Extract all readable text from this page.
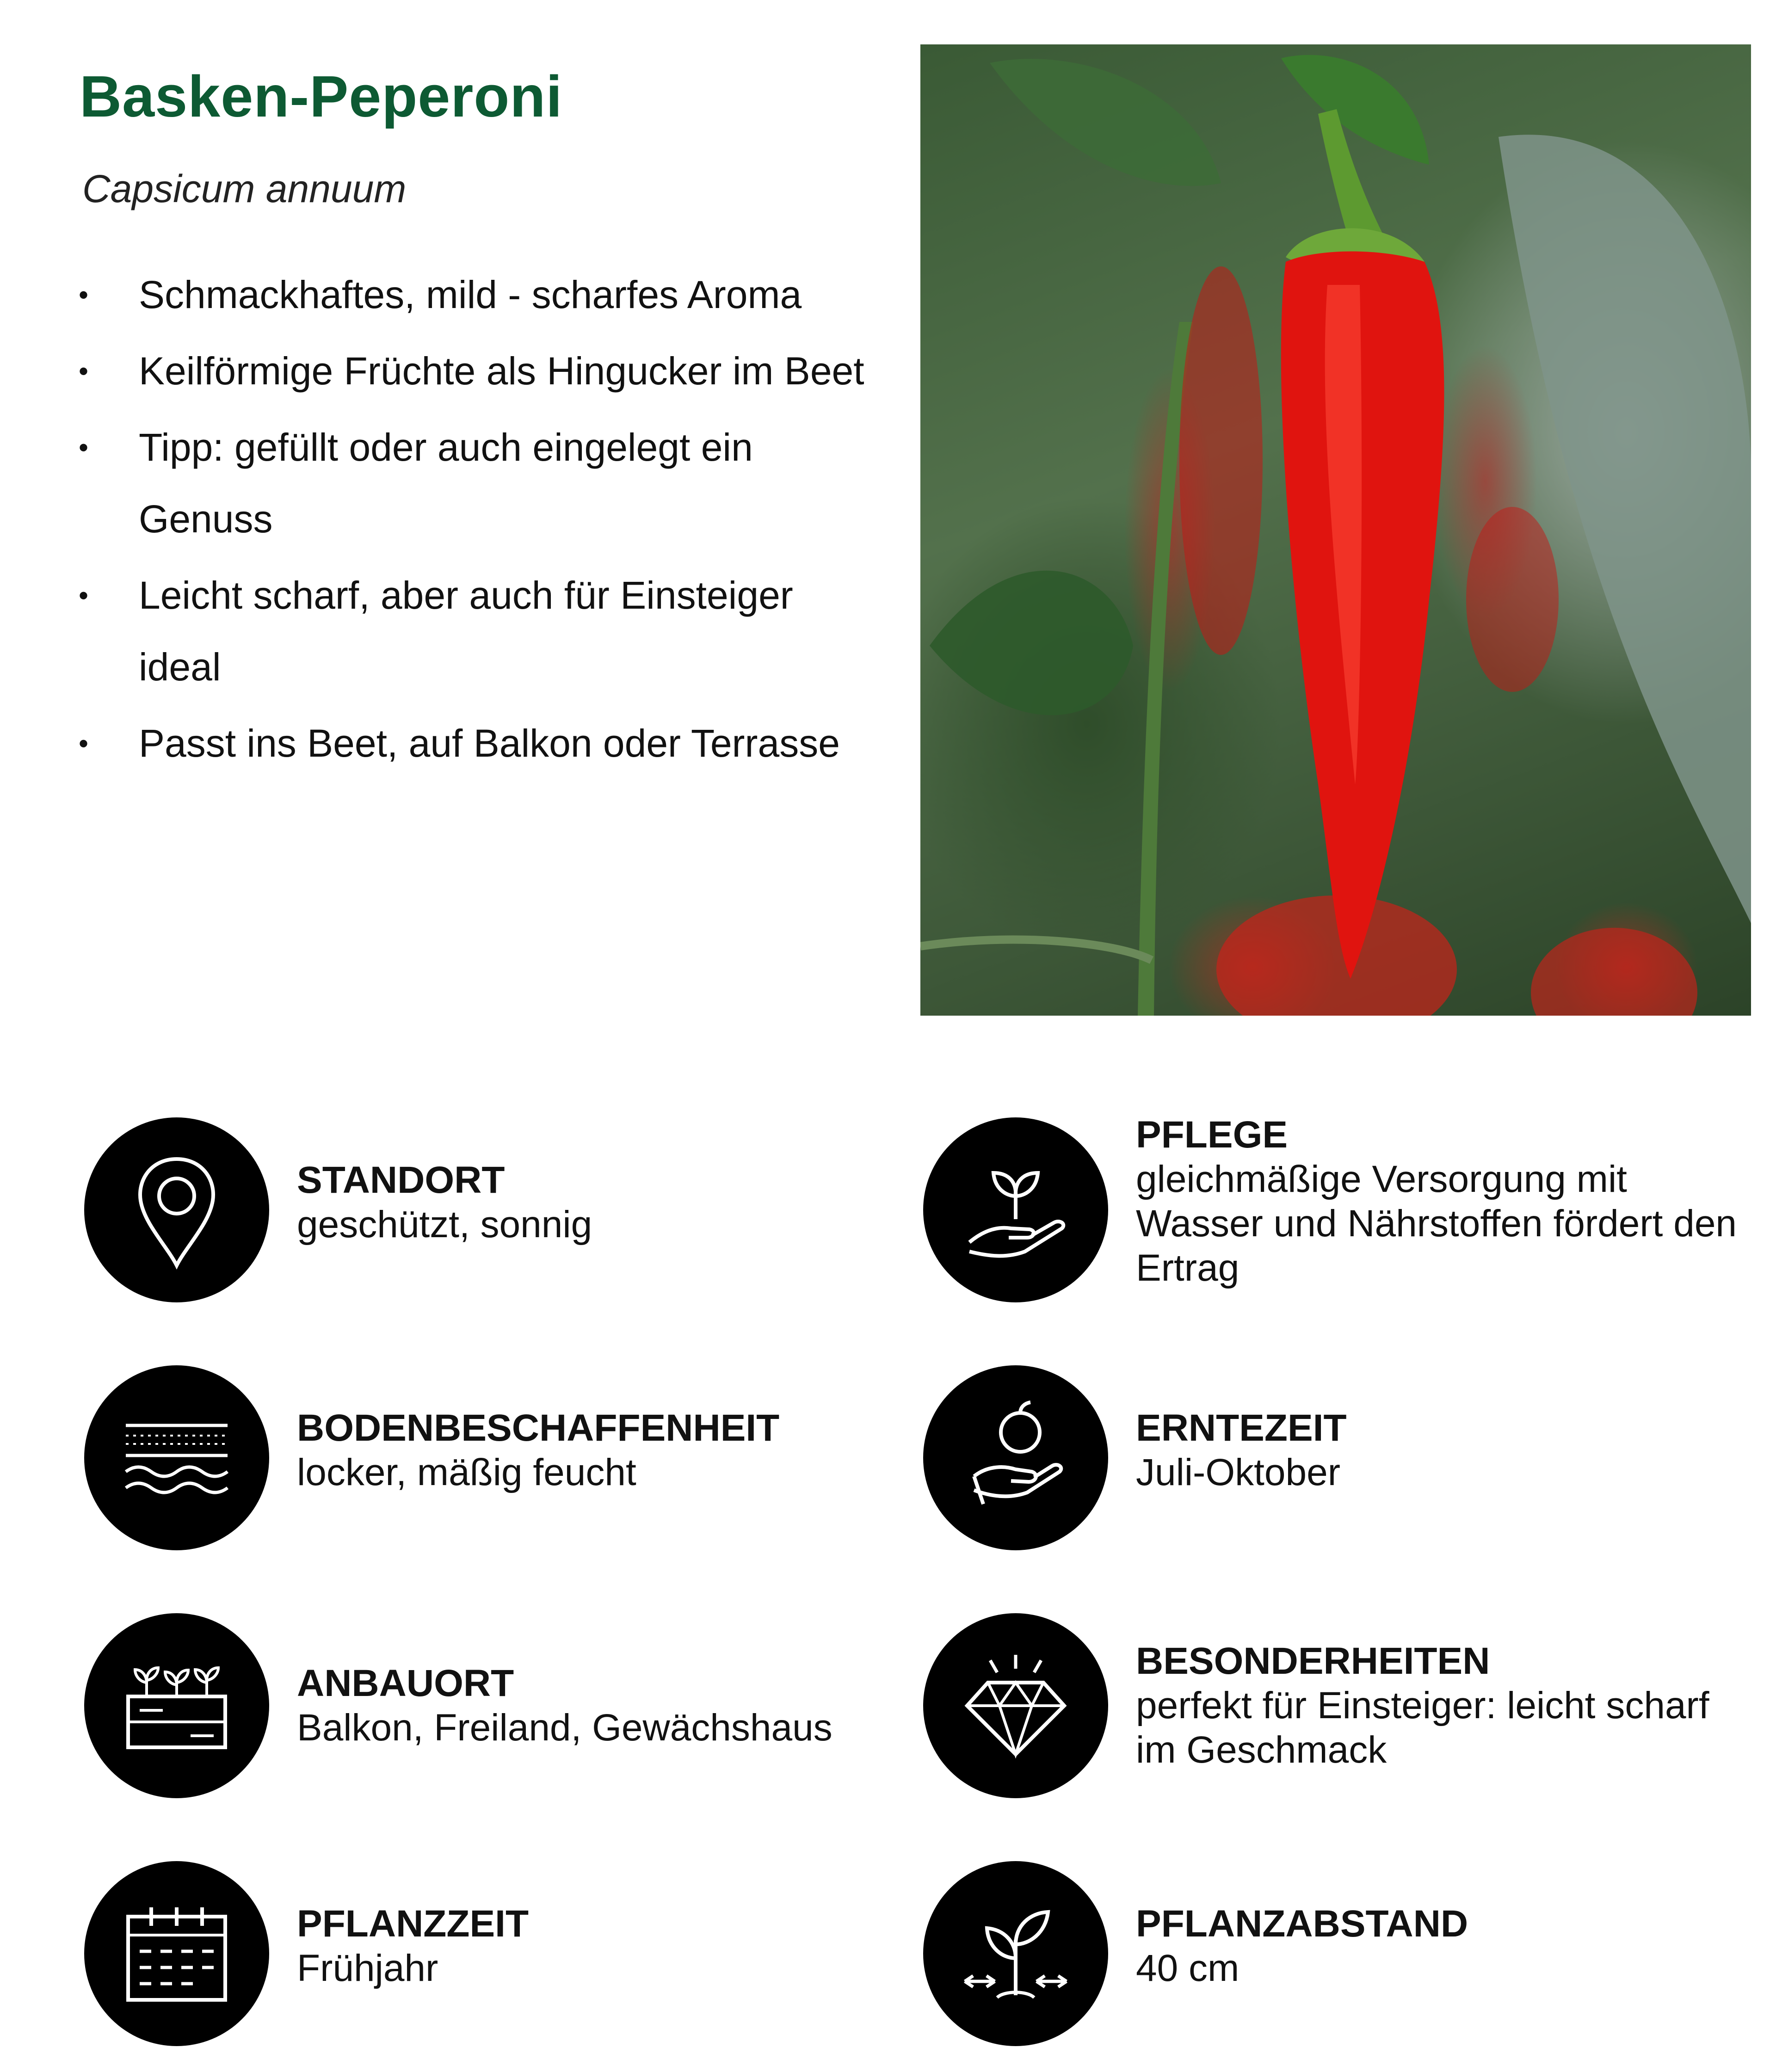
Basken-Peperoni
Capsicum annuum
• Schmackhaftes, mild - scharfes Aroma
• Keilförmige Früchte als Hingucker im Beet
• Tipp: gefüllt oder auch eingelegt ein Genuss
• Leicht scharf, aber auch für Einsteiger ideal
• Passt ins Beet, auf Balkon oder Terrasse
STANDORT
geschützt, sonnig
PFLEGE
gleichmäßige Versorgung mit Wasser und Nährstoffen fördert den Ertrag
BODENBESCHAFFENHEIT
locker, mäßig feucht
ERNTEZEIT
Juli-Oktober
ANBAUORT
Balkon, Freiland, Gewächshaus
BESONDERHEITEN
perfekt für Einsteiger: leicht scharf im Geschmack
PFLANZZEIT
Frühjahr
PFLANZABSTAND
40 cm
